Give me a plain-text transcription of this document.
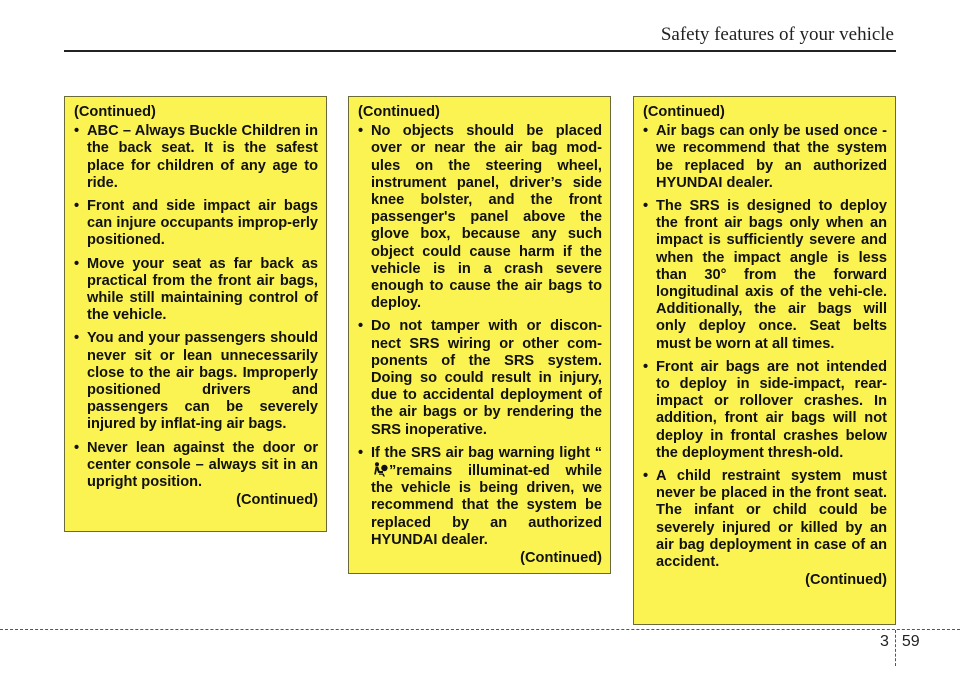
Safety features of your vehicle
(Continued)
• ABC – Always Buckle Children in the back seat. It is the safest place for children of any age to ride.
• Front and side impact air bags can injure occupants improp-erly positioned.
• Move your seat as far back as practical from the front air bags, while still maintaining control of the vehicle.
• You and your passengers should never sit or lean unnecessarily close to the air bags. Improperly positioned drivers and passengers can be severely injured by inflat-ing air bags.
• Never lean against the door or center console – always sit in an upright position.
(Continued)
(Continued)
• No objects should be placed over or near the air bag mod-ules on the steering wheel, instrument panel, driver’s side knee bolster, and the front passenger's panel above the glove box, because any such object could cause harm if the vehicle is in a crash severe enough to cause the air bags to deploy.
• Do not tamper with or discon-nect SRS wiring or other com-ponents of the SRS system. Doing so could result in injury, due to accidental deployment of the air bags or by rendering the SRS inoperative.
• If the SRS air bag warning light “”remains illuminat-ed while the vehicle is being driven, we recommend that the system be replaced by an authorized HYUNDAI dealer.
(Continued)
(Continued)
• Air bags can only be used once - we recommend that the system be replaced by an authorized HYUNDAI dealer.
• The SRS is designed to deploy the front air bags only when an impact is sufficiently severe and when the impact angle is less than 30° from the forward longitudinal axis of the vehi-cle. Additionally, the air bags will only deploy once. Seat belts must be worn at all times.
• Front air bags are not intended to deploy in side-impact, rear-impact or rollover crashes. In addition, front air bags will not deploy in frontal crashes below the deployment thresh-old.
• A child restraint system must never be placed in the front seat. The infant or child could be severely injured or killed by an air bag deployment in case of an accident.
(Continued)
3 59
